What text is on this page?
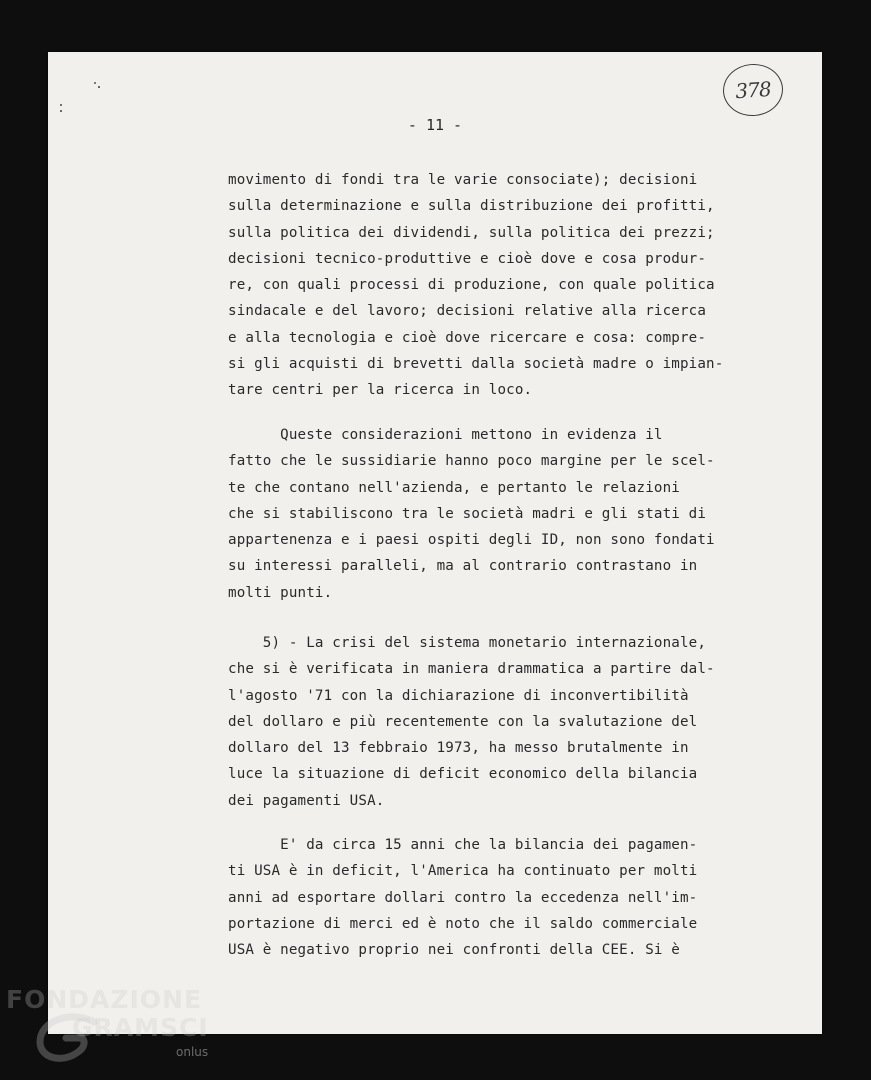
378
- 11 -
movimento di fondi tra le varie consociate); decisioni
sulla determinazione e sulla distribuzione dei profitti,
sulla politica dei dividendi, sulla politica dei prezzi;
decisioni tecnico-produttive e cioè dove e cosa produr-
re, con quali processi di produzione, con quale politica
sindacale e del lavoro; decisioni relative alla ricerca
e alla tecnologia e cioè dove ricercare e cosa: compre-
si gli acquisti di brevetti dalla società madre o impian-
tare centri per la ricerca in loco.
Queste considerazioni mettono in evidenza il
fatto che le sussidiarie hanno poco margine per le scel-
te che contano nell'azienda, e pertanto le relazioni
che si stabiliscono tra le società madri e gli stati di
appartenenza e i paesi ospiti degli ID, non sono fondati
su interessi paralleli, ma al contrario contrastano in
molti punti.
5) - La crisi del sistema monetario internazionale,
che si è verificata in maniera drammatica a partire dal-
l'agosto '71 con la dichiarazione di inconvertibilità
del dollaro e più recentemente con la svalutazione del
dollaro del 13 febbraio 1973, ha messo brutalmente in
luce la situazione di deficit economico della bilancia
dei pagamenti USA.
E' da circa 15 anni che la bilancia dei pagamen-
ti USA è in deficit, l'America ha continuato per molti
anni ad esportare dollari contro la eccedenza nell'im-
portazione di merci ed è noto che il saldo commerciale
USA è negativo proprio nei confronti della CEE. Si è
FONDAZIONE
GRAMSCI
onlus
